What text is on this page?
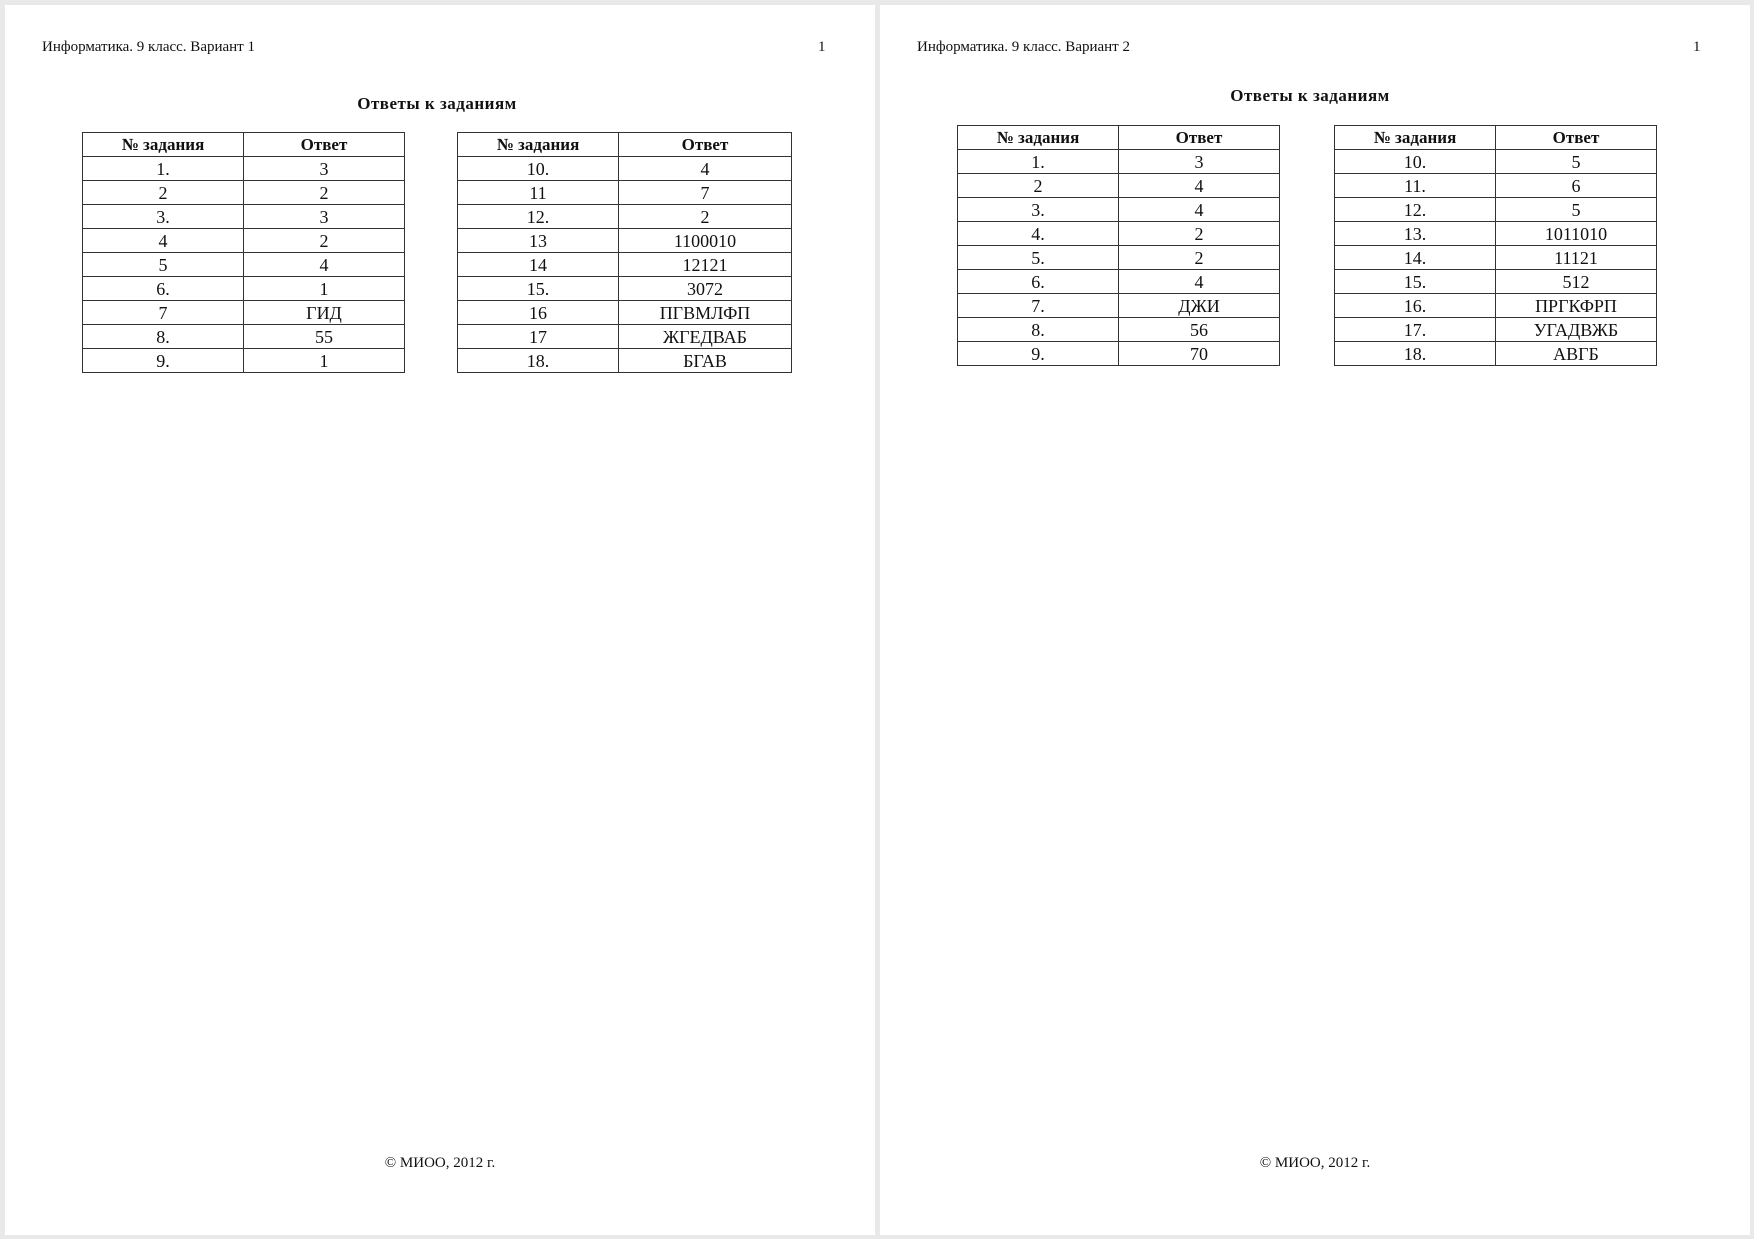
Информатика. 9 класс. Вариант 1	1
Ответы к заданиям
№ задания	Ответ
1.	3
2	2
3.	3
4	2
5	4
6.	1
7	ГИД
8.	55
9.	1
№ задания	Ответ
10.	4
11	7
12.	2
13	1100010
14	12121
15.	3072
16	ПГВМЛФП
17	ЖГЕДВАБ
18.	БГАВ
© МИОО, 2012 г.
Информатика. 9 класс. Вариант 2	1
Ответы к заданиям
№ задания	Ответ
1.	3
2	4
3.	4
4.	2
5.	2
6.	4
7.	ДЖИ
8.	56
9.	70
№ задания	Ответ
10.	5
11.	6
12.	5
13.	1011010
14.	11121
15.	512
16.	ПРГКФРП
17.	УГАДВЖБ
18.	АВГБ
© МИОО, 2012 г.
